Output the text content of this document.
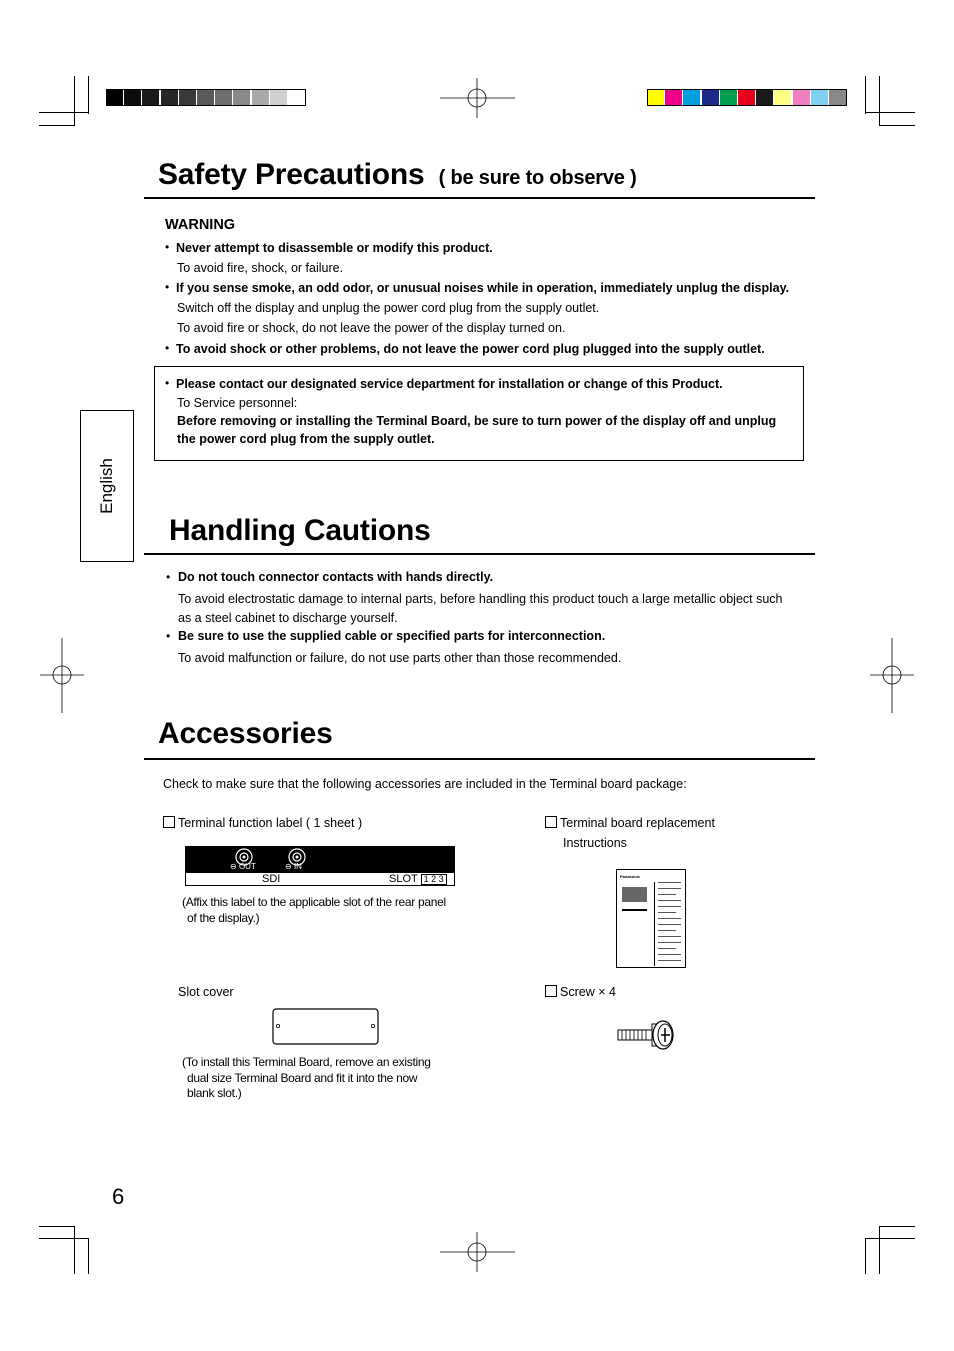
Safety Precautions ( be sure to observe )
WARNING
• Never attempt to disassemble or modify this product.
To avoid fire, shock, or failure.
• If you sense smoke, an odd odor, or unusual noises while in operation, immediately unplug the display.
Switch off the display and unplug the power cord plug from the supply outlet.
To avoid fire or shock, do not leave the power of the display turned on.
• To avoid shock or other problems, do not leave the power cord plug plugged into the supply outlet.
• Please contact our designated service department for installation or change of this Product.
To Service personnel:
Before removing or installing the Terminal Board, be sure to turn power of the display off and unplug
the power cord plug from the supply outlet.
English
Handling Cautions
• Do not touch connector contacts with hands directly.
To avoid electrostatic damage to internal parts, before handling this product touch a large metallic object such
as a steel cabinet to discharge yourself.
• Be sure to use the supplied cable or specified parts for interconnection.
To avoid malfunction or failure, do not use parts other than those recommended.
Accessories
Check to make sure that the following accessories are included in the Terminal board package:
Terminal function label ( 1 sheet )
⊖ OUT	⊖ IN
SDI	SLOT 1 2 3
(Affix this label to the applicable slot of the rear panel
of the display.)
Terminal board replacement
Instructions
Panasonic
Slot cover
(To install this Terminal Board, remove an existing
dual size Terminal Board and fit it into the now
blank slot.)
Screw × 4
6
